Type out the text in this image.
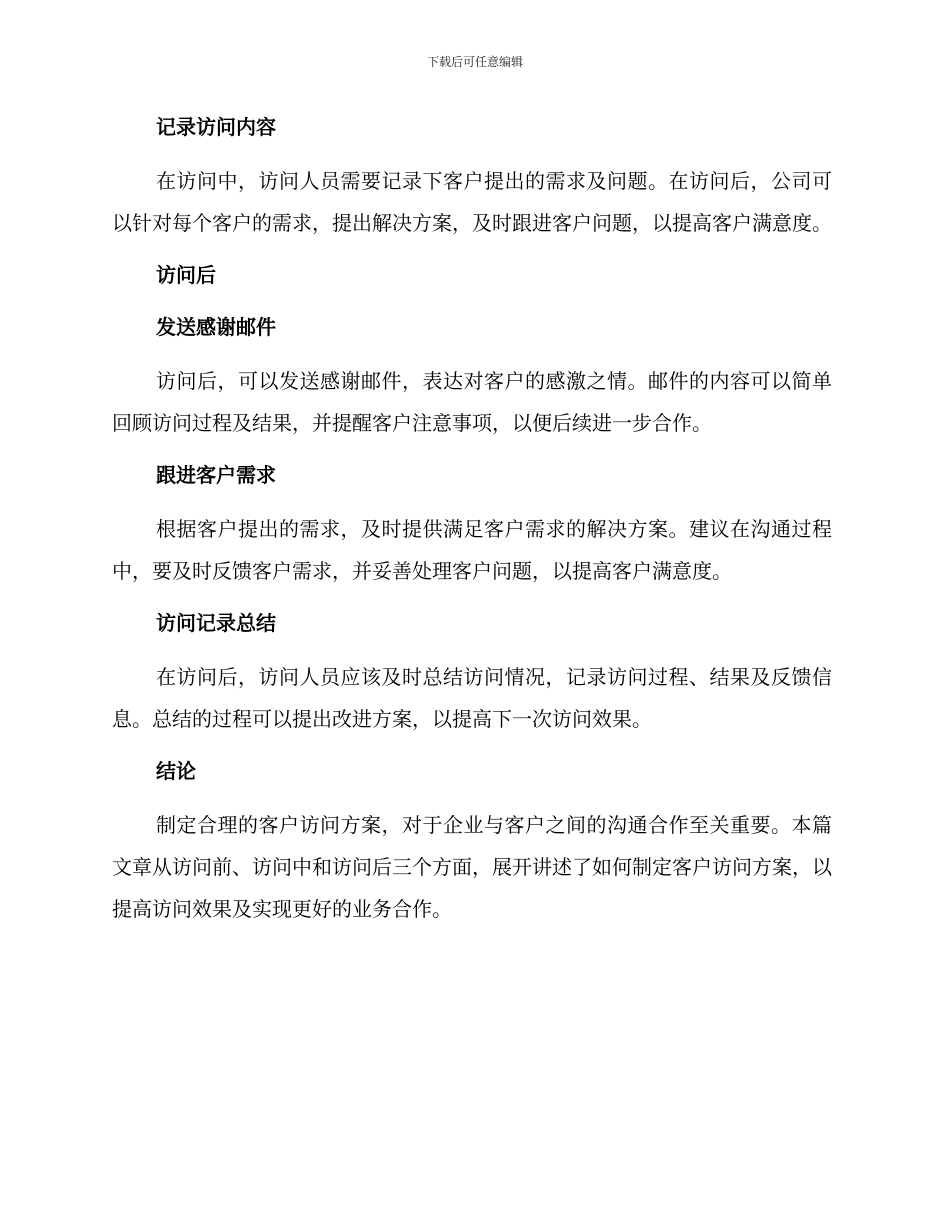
下载后可任意编辑
记录访问内容
在访问中，访问人员需要记录下客户提出的需求及问题。在访问后，公司可以针对每个客户的需求，提出解决方案，及时跟进客户问题，以提高客户满意度。
访问后
发送感谢邮件
访问后，可以发送感谢邮件，表达对客户的感激之情。邮件的内容可以简单回顾访问过程及结果，并提醒客户注意事项，以便后续进一步合作。
跟进客户需求
根据客户提出的需求，及时提供满足客户需求的解决方案。建议在沟通过程中，要及时反馈客户需求，并妥善处理客户问题，以提高客户满意度。
访问记录总结
在访问后，访问人员应该及时总结访问情况，记录访问过程、结果及反馈信息。总结的过程可以提出改进方案，以提高下一次访问效果。
结论
制定合理的客户访问方案，对于企业与客户之间的沟通合作至关重要。本篇文章从访问前、访问中和访问后三个方面，展开讲述了如何制定客户访问方案，以提高访问效果及实现更好的业务合作。
